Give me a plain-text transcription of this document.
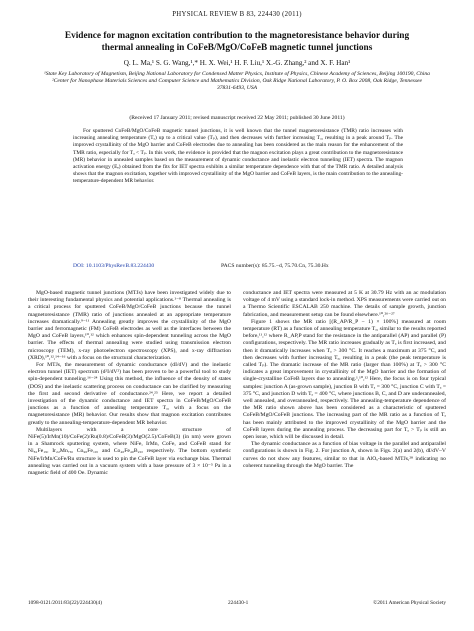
PHYSICAL REVIEW B 83, 224430 (2011)
Evidence for magnon excitation contribution to the magnetoresistance behavior during thermal annealing in CoFeB/MgO/CoFeB magnetic tunnel junctions
Q. L. Ma,¹ S. G. Wang,¹,* H. X. Wei,¹ H. F. Liu,¹ X.-G. Zhang,² and X. F. Han¹
¹State Key Laboratory of Magnetism, Beijing National Laboratory for Condensed Matter Physics, Institute of Physics, Chinese Academy of Sciences, Beijing 100190, China
²Center for Nanophase Materials Sciences and Computer Science and Mathematics Division, Oak Ridge National Laboratory, P. O. Box 2008, Oak Ridge, Tennessee 37831-6493, USA
(Received 17 January 2011; revised manuscript received 22 May 2011; published 30 June 2011)

For sputtered CoFeB/MgO/CoFeB magnetic tunnel junctions, it is well known that the tunnel magnetoresistance (TMR) ratio increases with increasing annealing temperature (Tₐ) up to a critical value (Tₚ), and then decreases with further increasing Tₐ, resulting in a peak around Tₚ. The improved crystallinity of the MgO barrier and CoFeB electrodes due to annealing has been considered as the main reason for the enhancement of the TMR ratio, especially for Tₐ < Tₚ. In this work, the evidence is provided that the magnon excitation plays a great contribution to the magnetoresistance (MR) behavior in annealed samples based on the measurement of dynamic conductance and inelastic electron tunneling (IET) spectra. The magnon activation energy (Eₑ) obtained from the fits for IET spectra exhibits a similar temperature dependence with that of the TMR ratio. A detailed analysis shows that the magnon excitation, together with improved crystallinity of the MgO barrier and CoFeB layers, is the main contribution to the annealing-temperature-dependent MR behavior.

DOI: 10.1103/PhysRevB.83.224430	PACS number(s): 85.75.−d, 75.70.Cn, 75.30.Hx

MgO-based magnetic tunnel junctions (MTJs) have been investigated widely due to their interesting fundamental physics and potential applications.¹⁻⁸ Thermal annealing is a critical process for sputtered CoFeB/MgO/CoFeB junctions because the tunnel magnetoresistance (TMR) ratio of junctions annealed at an appropriate temperature increases dramatically.⁹⁻¹¹ Annealing greatly improves the crystallinity of the MgO barrier and ferromagnetic (FM) CoFeB electrodes as well as the interfaces between the MgO and CoFeB layers,¹⁰,¹² which enhances spin-dependent tunneling across the MgO barrier. The effects of thermal annealing were studied using transmission electron microscopy (TEM), x-ray photoelectron spectroscopy (XPS), and x-ray diffraction (XRD),¹⁰,¹²,¹⁴⁻¹⁶ with a focus on the structural characterization.

For MTJs, the measurement of dynamic conductance (dI/dV) and the inelastic electron tunnel (IET) spectrum (d²I/dV²) has been proven to be a powerful tool to study spin-dependent tunneling.¹⁶⁻²⁴ Using this method, the influence of the density of states (DOS) and the inelastic scattering process on conductance can be clarified by measuring the first and second derivative of conductance.²⁴,²⁵ Here, we report a detailed investigation of the dynamic conductance and IET spectra in CoFeB/MgO/CoFeB junctions as a function of annealing temperature Tₐ, with a focus on the magnetoresistance (MR) behavior. Our results show that magnon excitation contributes greatly to the annealing-temperature-dependent MR behavior.

Multilayers with a core structure of NiFe(5)/IrMn(10)/CoFe(2)/Ru(0.8)/CoFeB(3)/MgO(2.5)/CoFeB(3) (in nm) were grown in a Shamrock sputtering system, where NiFe, IrMn, CoFe, and CoFeB stand for Ni₈₁Fe₁₉, Ir₂₂Mn₇₈, Co₉₀Fe₁₀, and Co₄₀Fe₄₀B₂₀, respectively. The bottom synthetic NiFe/IrMn/CoFe/Ru structure is used to pin the CoFeB layer via exchange bias. Thermal annealing was carried out in a vacuum system with a base pressure of 3 × 10⁻⁵ Pa in a magnetic field of 400 Oe. Dynamic

conductance and IET spectra were measured at 5 K at 30.79 Hz with an ac modulation voltage of 4 mV using a standard lock-in method. XPS measurements were carried out on a Thermo Scientific ESCALAB 250 machine. The details of sample growth, junction fabrication, and measurement setup can be found elsewhere.¹⁰,²⁶⁻²⁷

Figure 1 shows the MR ratio [(R_AP/R_P − 1) × 100%] measured at room temperature (RT) as a function of annealing temperature Tₐ, similar to the results reported before,¹¹,¹² where R_AP,P stand for the resistance in the antiparallel (AP) and parallel (P) configurations, respectively. The MR ratio increases gradually as Tₐ is first increased, and then it dramatically increases when Tₐ > 300 °C. It reaches a maximum at 375 °C, and then decreases with further increasing Tₐ, resulting in a peak (the peak temperature is called Tₚ). The dramatic increase of the MR ratio (larger than 100%) at Tₐ > 300 °C indicates a great improvement in crystallinity of the MgO barrier and the formation of single-crystalline CoFeB layers due to annealing.¹,¹⁰,¹² Here, the focus is on four typical samples: junction A (as-grown sample), junction B with Tₐ = 300 °C, junction C with Tₐ = 375 °C, and junction D with Tₐ = 400 °C, where junctions B, C, and D are underannealed, well annealed, and overannealed, respectively. The annealing-temperature dependence of the MR ratio shown above has been considered as a characteristic of sputtered CoFeB/MgO/CoFeB junctions. The increasing part of the MR ratio as a function of Tₐ has been mainly attributed to the improved crystallinity of the MgO barrier and the CoFeB layers during the annealing process. The decreasing part for Tₐ > Tₚ is still an open issue, which will be discussed in detail.

The dynamic conductance as a function of bias voltage in the parallel and antiparallel configurations is shown in Fig. 2. For junction A, shown in Figs. 2(a) and 2(b), dI/dV–V curves do not show any features, similar to that in AlOₓ-based MTJs,²⁸ indicating no coherent tunneling through the MgO barrier. The

1098-0121/2011/83(22)/224430(4)	224430-1	©2011 American Physical Society
